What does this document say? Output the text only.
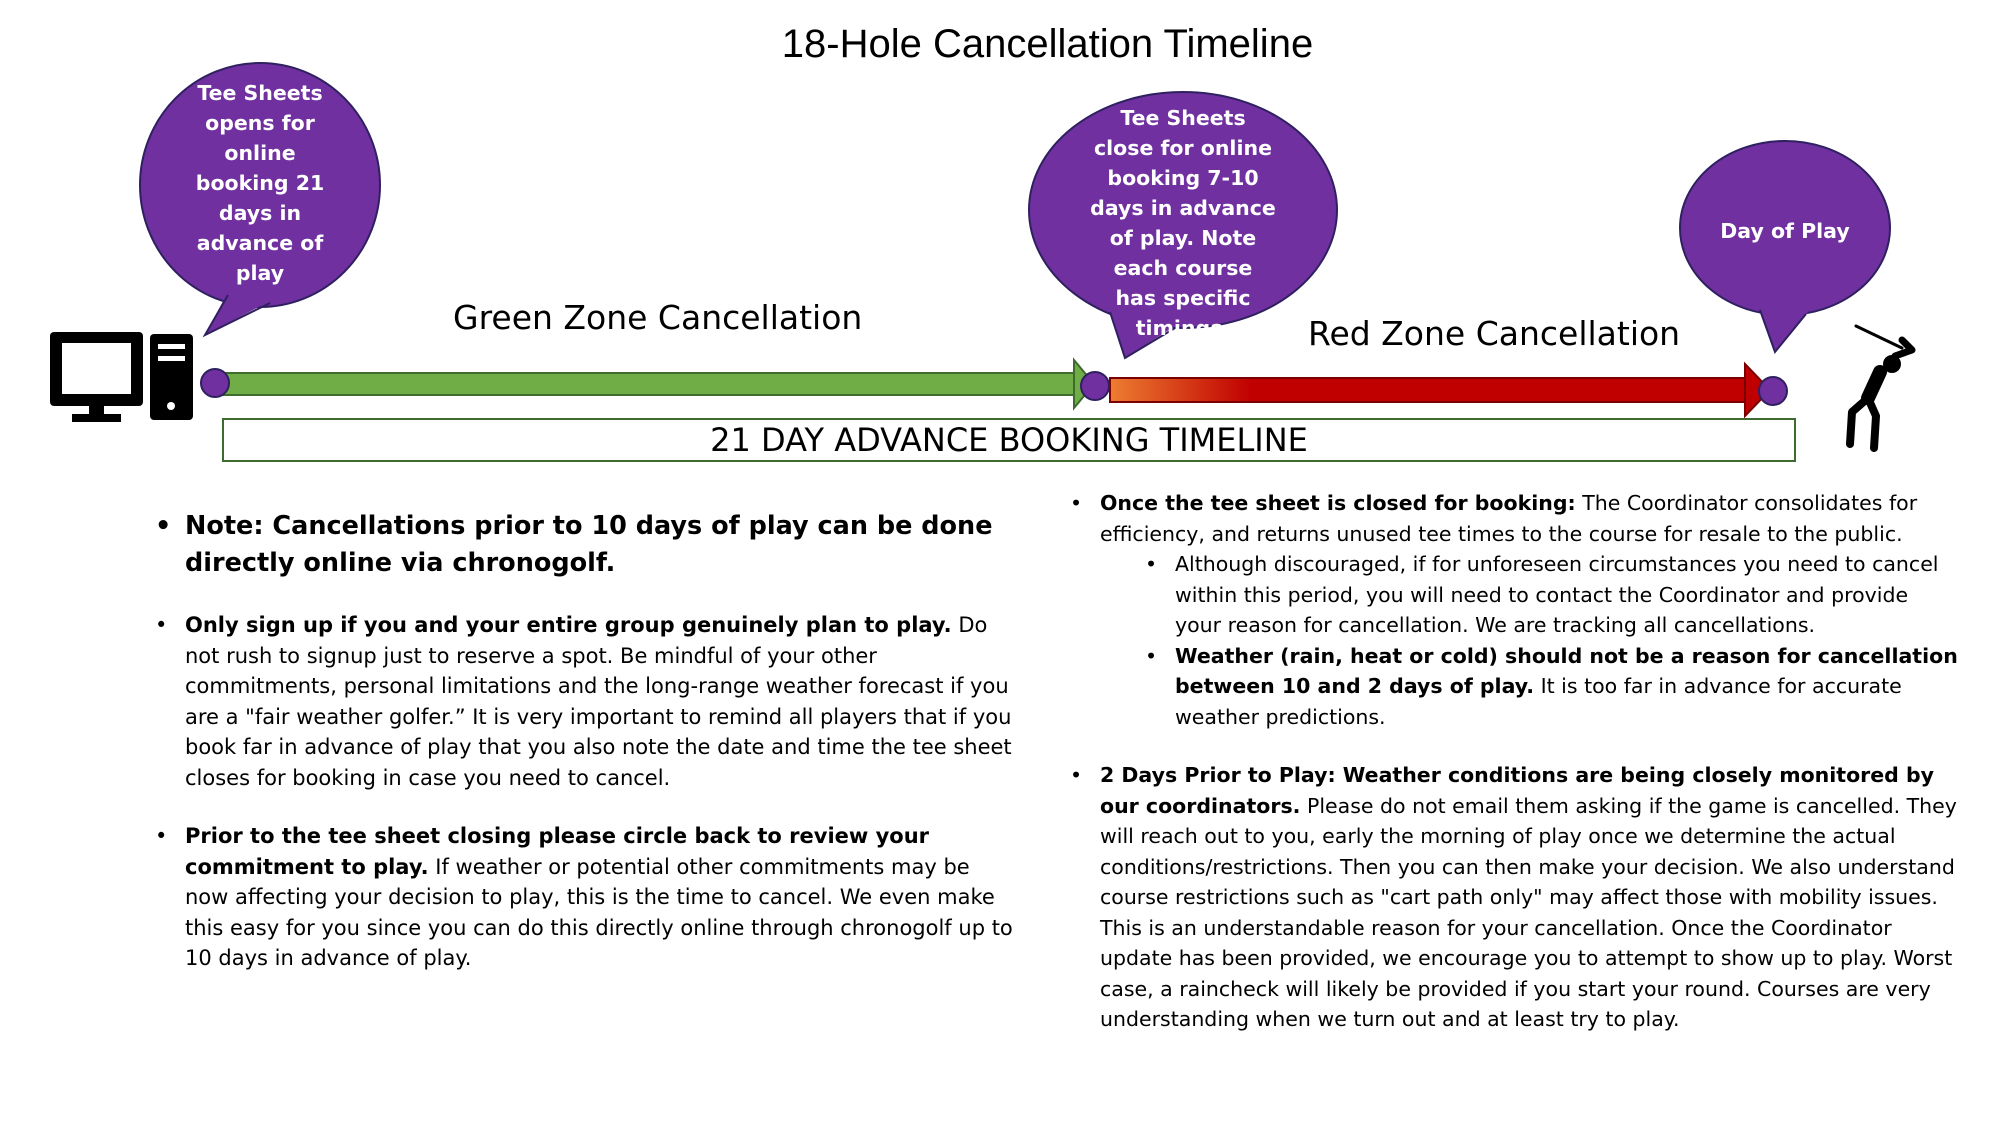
18-Hole Cancellation Timeline
Tee Sheets opens for online booking 21 days in advance of play
Tee Sheets close for online booking 7-10 days in advance of play. Note each course has specific timings.
Day of Play
Green Zone Cancellation	Red Zone Cancellation
21 DAY ADVANCE BOOKING TIMELINE
• Note: Cancellations prior to 10 days of play can be done directly online via chronogolf.
• Only sign up if you and your entire group genuinely plan to play. Do not rush to signup just to reserve a spot. Be mindful of your other commitments, personal limitations and the long-range weather forecast if you are a "fair weather golfer.” It is very important to remind all players that if you book far in advance of play that you also note the date and time the tee sheet closes for booking in case you need to cancel.
• Prior to the tee sheet closing please circle back to review your commitment to play. If weather or potential other commitments may be now affecting your decision to play, this is the time to cancel. We even make this easy for you since you can do this directly online through chronogolf up to 10 days in advance of play.
• Once the tee sheet is closed for booking: The Coordinator consolidates for efficiency, and returns unused tee times to the course for resale to the public.
• Although discouraged, if for unforeseen circumstances you need to cancel within this period, you will need to contact the Coordinator and provide your reason for cancellation. We are tracking all cancellations.
• Weather (rain, heat or cold) should not be a reason for cancellation between 10 and 2 days of play. It is too far in advance for accurate weather predictions.
• 2 Days Prior to Play: Weather conditions are being closely monitored by our coordinators. Please do not email them asking if the game is cancelled. They will reach out to you, early the morning of play once we determine the actual conditions/restrictions. Then you can then make your decision. We also understand course restrictions such as "cart path only" may affect those with mobility issues. This is an understandable reason for your cancellation. Once the Coordinator update has been provided, we encourage you to attempt to show up to play. Worst case, a raincheck will likely be provided if you start your round. Courses are very understanding when we turn out and at least try to play.
